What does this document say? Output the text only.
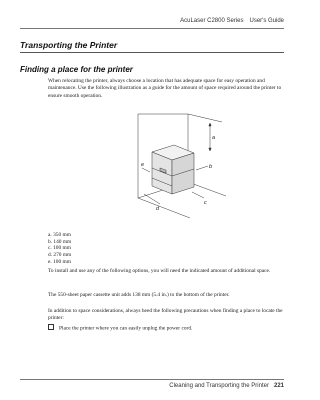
AcuLaser C2800 Series User's Guide
Transporting the Printer
Finding a place for the printer
When relocating the printer, always choose a location that has adequate space for easy operation and maintenance. Use the following illustration as a guide for the amount of space required around the printer to ensure smooth operation.
a
b
c
d
e
a. 350 mm
b. 140 mm
c. 100 mm
d. 270 mm
e. 100 mm
To install and use any of the following options, you will need the indicated amount of additional space.
The 550-sheet paper cassette unit adds 138 mm (5.4 in.) to the bottom of the printer.
In addition to space considerations, always heed the following precautions when finding a place to locate the printer:
Place the printer where you can easily unplug the power cord.
Cleaning and Transporting the Printer 221
